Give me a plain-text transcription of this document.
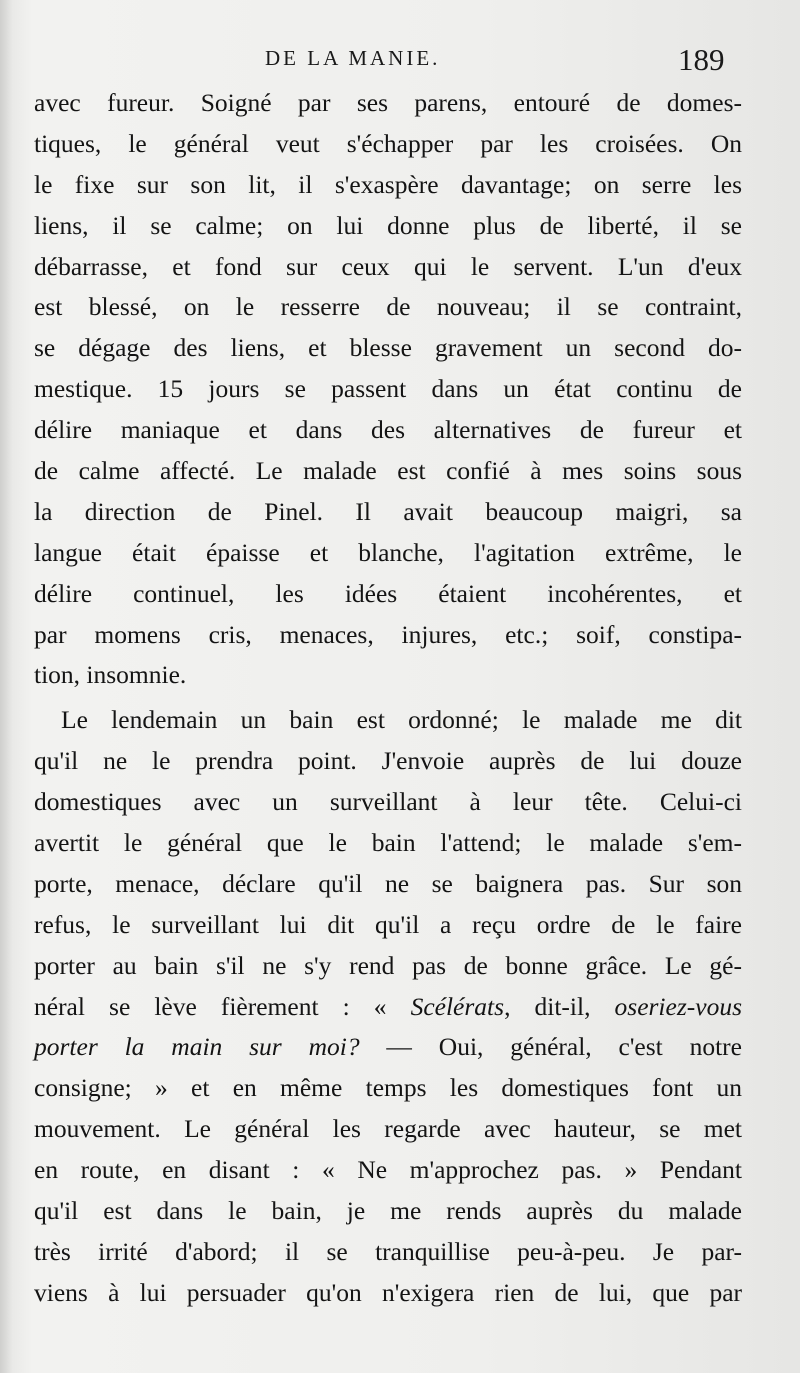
DE LA MANIE.	189
avec fureur. Soigné par ses parens, entouré de domes-
tiques, le général veut s'échapper par les croisées. On
le fixe sur son lit, il s'exaspère davantage; on serre les
liens, il se calme; on lui donne plus de liberté, il se
débarrasse, et fond sur ceux qui le servent. L'un d'eux
est blessé, on le resserre de nouveau; il se contraint,
se dégage des liens, et blesse gravement un second do-
mestique. 15 jours se passent dans un état continu de
délire maniaque et dans des alternatives de fureur et
de calme affecté. Le malade est confié à mes soins sous
la direction de Pinel. Il avait beaucoup maigri, sa
langue était épaisse et blanche, l'agitation extrême, le
délire continuel, les idées étaient incohérentes, et
par momens cris, menaces, injures, etc.; soif, constipa-
tion, insomnie.
Le lendemain un bain est ordonné; le malade me dit
qu'il ne le prendra point. J'envoie auprès de lui douze
domestiques avec un surveillant à leur tête. Celui-ci
avertit le général que le bain l'attend; le malade s'em-
porte, menace, déclare qu'il ne se baignera pas. Sur son
refus, le surveillant lui dit qu'il a reçu ordre de le faire
porter au bain s'il ne s'y rend pas de bonne grâce. Le gé-
néral se lève fièrement : « Scélérats, dit-il, oseriez-vous
porter la main sur moi? — Oui, général, c'est notre
consigne; » et en même temps les domestiques font un
mouvement. Le général les regarde avec hauteur, se met
en route, en disant : « Ne m'approchez pas. » Pendant
qu'il est dans le bain, je me rends auprès du malade
très irrité d'abord; il se tranquillise peu-à-peu. Je par-
viens à lui persuader qu'on n'exigera rien de lui, que par
